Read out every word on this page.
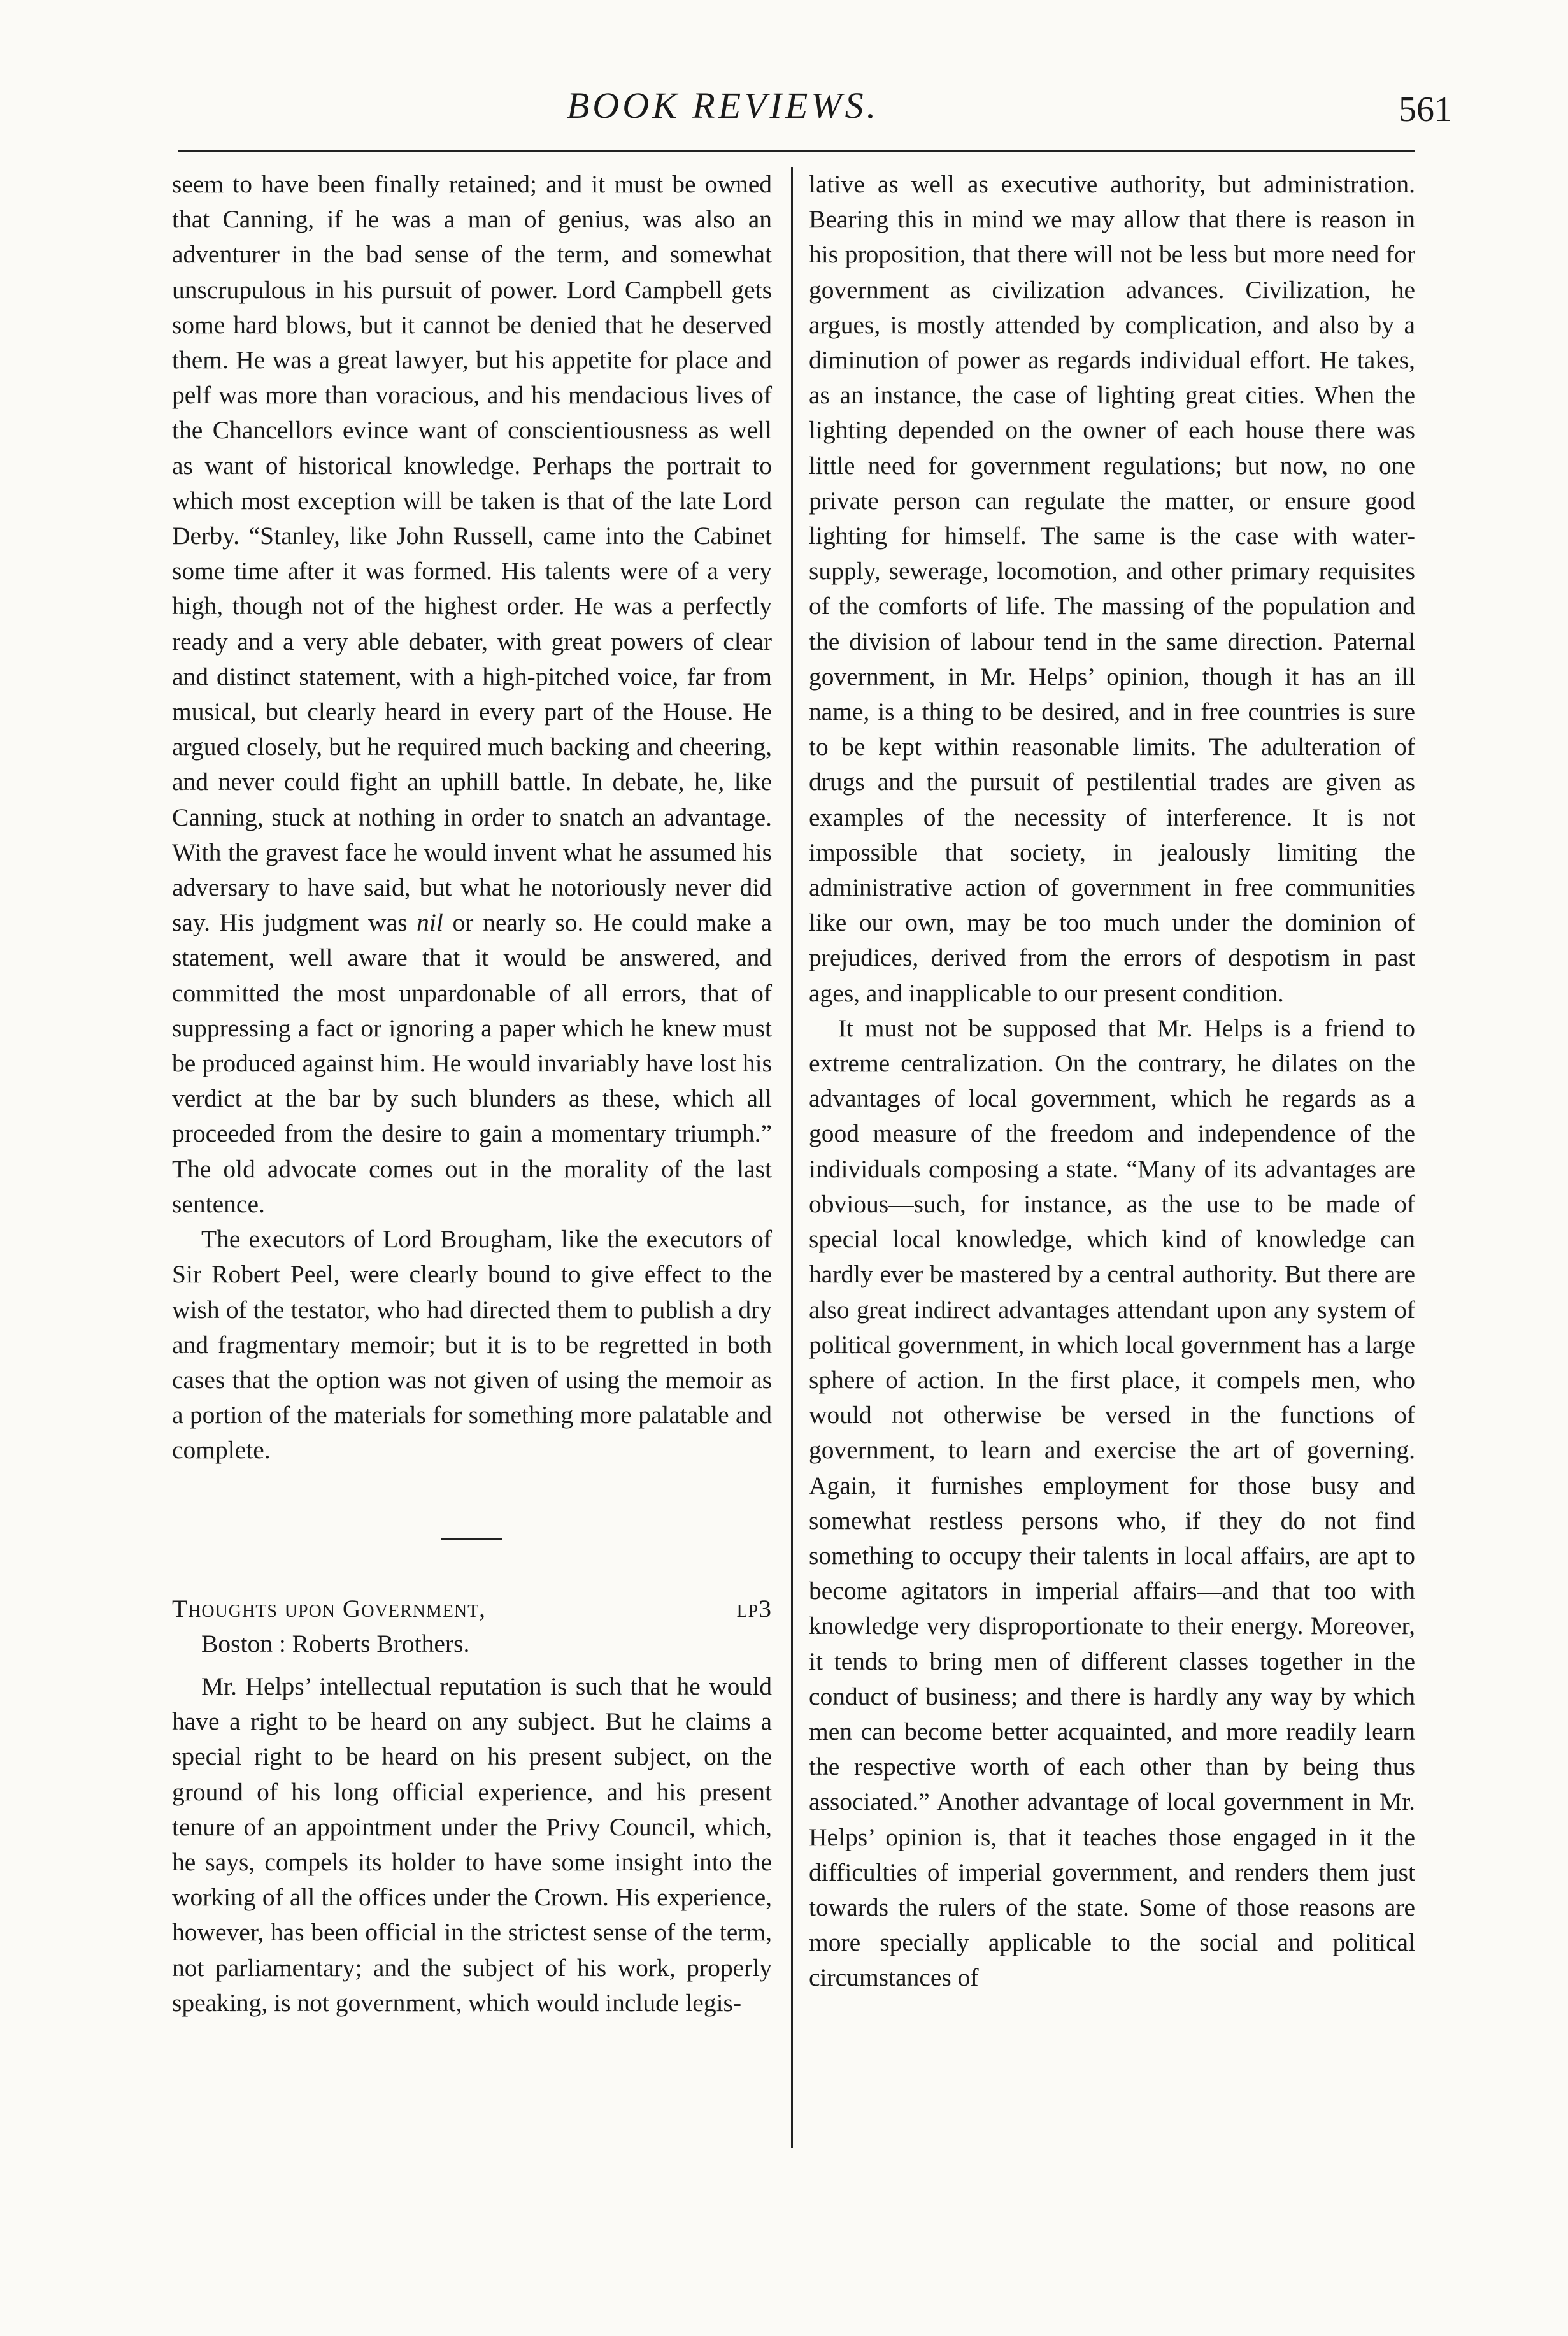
BOOK REVIEWS.	561

seem to have been finally retained; and it must be owned that Canning, if he was a man of genius, was also an adventurer in the bad sense of the term, and somewhat unscrupulous in his pursuit of power. Lord Campbell gets some hard blows, but it cannot be denied that he deserved them. He was a great lawyer, but his appetite for place and pelf was more than voracious, and his mendacious lives of the Chancellors evince want of conscientiousness as well as want of historical knowledge. Perhaps the portrait to which most exception will be taken is that of the late Lord Derby. “Stanley, like John Russell, came into the Cabinet some time after it was formed. His talents were of a very high, though not of the highest order. He was a perfectly ready and a very able debater, with great powers of clear and distinct statement, with a high-pitched voice, far from musical, but clearly heard in every part of the House. He argued closely, but he required much backing and cheering, and never could fight an uphill battle. In debate, he, like Canning, stuck at nothing in order to snatch an advantage. With the gravest face he would invent what he assumed his adversary to have said, but what he notoriously never did say. His judgment was nil or nearly so. He could make a statement, well aware that it would be answered, and committed the most unpardonable of all errors, that of suppressing a fact or ignoring a paper which he knew must be produced against him. He would invariably have lost his verdict at the bar by such blunders as these, which all proceeded from the desire to gain a momentary triumph.” The old advocate comes out in the morality of the last sentence.

The executors of Lord Brougham, like the executors of Sir Robert Peel, were clearly bound to give effect to the wish of the testator, who had directed them to publish a dry and fragmentary memoir; but it is to be regretted in both cases that the option was not given of using the memoir as a portion of the materials for something more palatable and complete.

Thoughts upon Government,	lp3

Boston : Roberts Brothers.

Mr. Helps’ intellectual reputation is such that he would have a right to be heard on any subject. But he claims a special right to be heard on his present subject, on the ground of his long official experience, and his present tenure of an appointment under the Privy Council, which, he says, compels its holder to have some insight into the working of all the offices under the Crown. His experience, however, has been official in the strictest sense of the term, not parliamentary; and the subject of his work, properly speaking, is not government, which would include legis-

lative as well as executive authority, but administration. Bearing this in mind we may allow that there is reason in his proposition, that there will not be less but more need for government as civilization advances. Civilization, he argues, is mostly attended by complication, and also by a diminution of power as regards individual effort. He takes, as an instance, the case of lighting great cities. When the lighting depended on the owner of each house there was little need for government regulations; but now, no one private person can regulate the matter, or ensure good lighting for himself. The same is the case with water-supply, sewerage, locomotion, and other primary requisites of the comforts of life. The massing of the population and the division of labour tend in the same direction. Paternal government, in Mr. Helps’ opinion, though it has an ill name, is a thing to be desired, and in free countries is sure to be kept within reasonable limits. The adulteration of drugs and the pursuit of pestilential trades are given as examples of the necessity of interference. It is not impossible that society, in jealously limiting the administrative action of government in free communities like our own, may be too much under the dominion of prejudices, derived from the errors of despotism in past ages, and inapplicable to our present condition.

It must not be supposed that Mr. Helps is a friend to extreme centralization. On the contrary, he dilates on the advantages of local government, which he regards as a good measure of the freedom and independence of the individuals composing a state. “Many of its advantages are obvious—such, for instance, as the use to be made of special local knowledge, which kind of knowledge can hardly ever be mastered by a central authority. But there are also great indirect advantages attendant upon any system of political government, in which local government has a large sphere of action. In the first place, it compels men, who would not otherwise be versed in the functions of government, to learn and exercise the art of governing. Again, it furnishes employment for those busy and somewhat restless persons who, if they do not find something to occupy their talents in local affairs, are apt to become agitators in imperial affairs—and that too with knowledge very disproportionate to their energy. Moreover, it tends to bring men of different classes together in the conduct of business; and there is hardly any way by which men can become better acquainted, and more readily learn the respective worth of each other than by being thus associated.” Another advantage of local government in Mr. Helps’ opinion is, that it teaches those engaged in it the difficulties of imperial government, and renders them just towards the rulers of the state. Some of those reasons are more specially applicable to the social and political circumstances of
